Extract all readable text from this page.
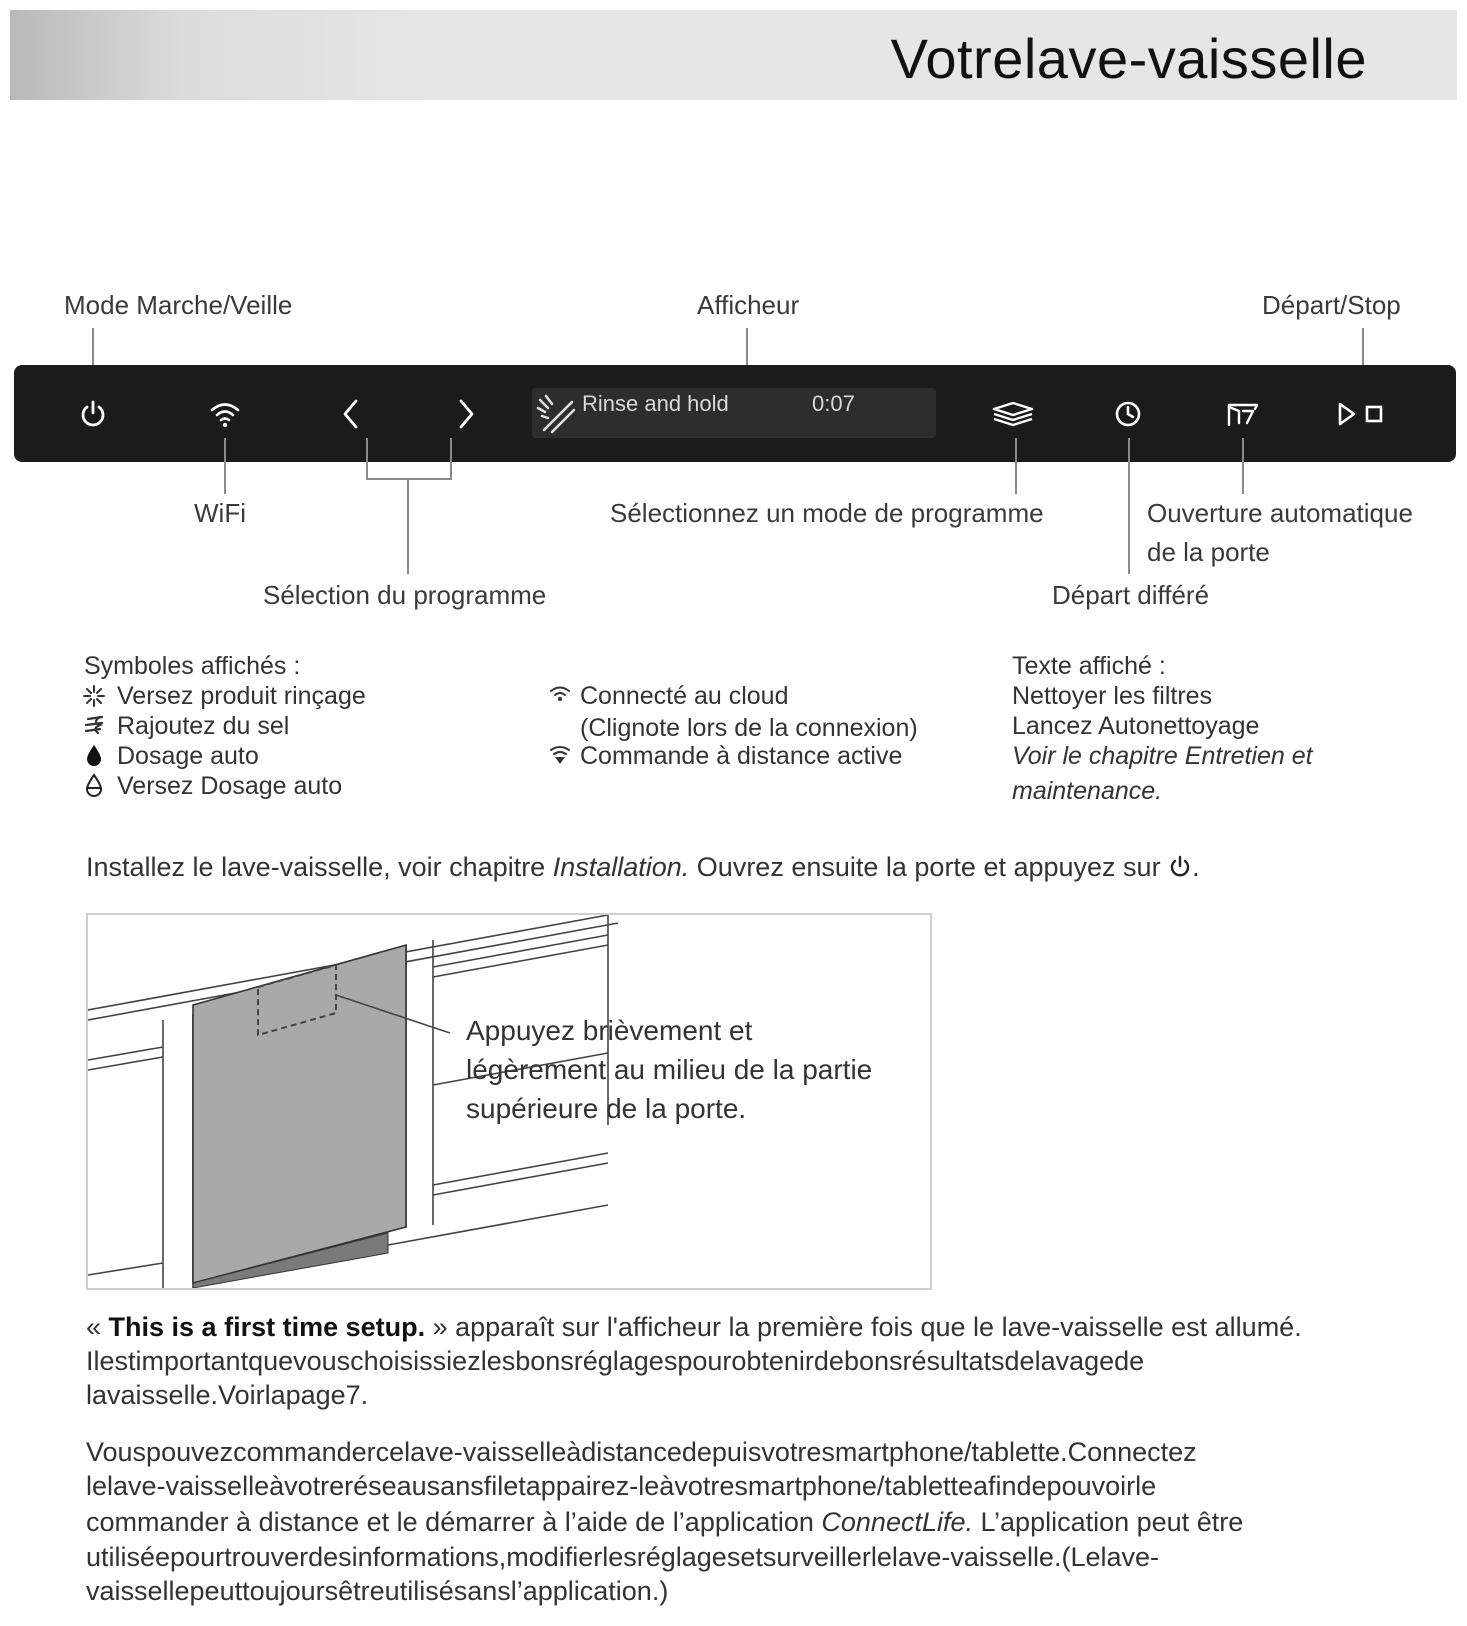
Votrelave-vaisselle
Mode Marche/Veille	Afficheur	Départ/Stop
Rinse and hold	0:07
WiFi	Sélectionnez un mode de programme	Ouverture automatique
de la porte
Sélection du programme	Départ différé
Symboles affichés :
Versez produit rinçage
Rajoutez du sel
Dosage auto
Versez Dosage auto
Connecté au cloud
(Clignote lors de la connexion)
Commande à distance active
Texte affiché :
Nettoyer les filtres
Lancez Autonettoyage
Voir le chapitre Entretien et
maintenance.
Installez le lave-vaisselle, voir chapitre Installation. Ouvrez ensuite la porte et appuyez sur .
Appuyez brièvement et
légèrement au milieu de la partie
supérieure de la porte.
« This is a first time setup. » apparaît sur l'afficheur la première fois que le lave-vaisselle est allumé.
Ilestimportantquevouschoisissiezlesbonsréglagespourobtenirdebonsrésultatsdelavagede
lavaisselle.Voirlapage7.
Vouspouvezcommandercelave-vaisselleàdistancedepuisvotresmartphone/tablette.Connectez
lelave-vaisselleàvotreréseausansfiletappairez-leàvotresmartphone/tabletteafindepouvoirle
commander à distance et le démarrer à l’aide de l’application ConnectLife. L’application peut être
utiliséepourtrouverdesinformations,modifierlesréglagesetsurveillerlelave-vaisselle.(Lelave-
vaissellepeuttoujoursêtreutilisésansl’application.)
